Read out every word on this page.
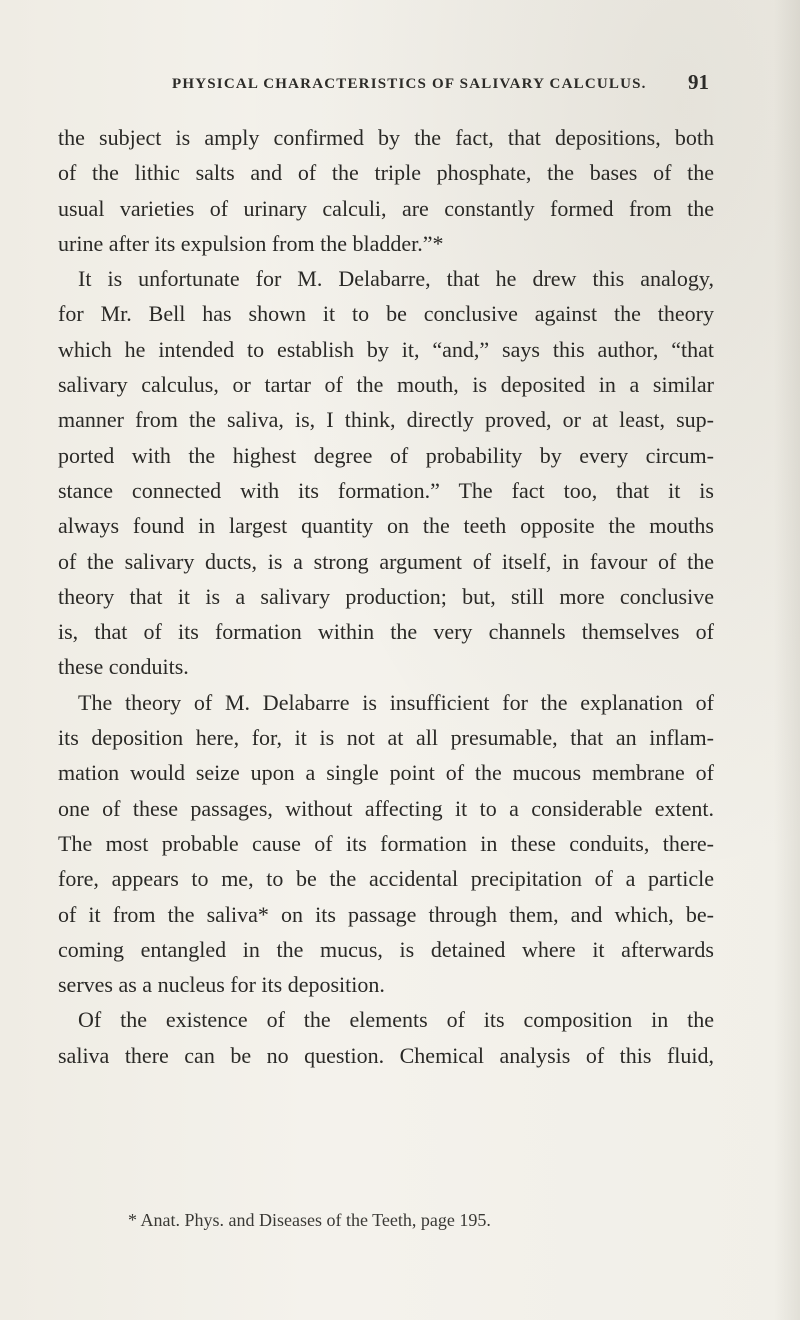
PHYSICAL CHARACTERISTICS OF SALIVARY CALCULUS. 91
the subject is amply confirmed by the fact, that depositions, both
of the lithic salts and of the triple phosphate, the bases of the
usual varieties of urinary calculi, are constantly formed from the
urine after its expulsion from the bladder.”*
It is unfortunate for M. Delabarre, that he drew this analogy,
for Mr. Bell has shown it to be conclusive against the theory
which he intended to establish by it, “and,” says this author, “that
salivary calculus, or tartar of the mouth, is deposited in a similar
manner from the saliva, is, I think, directly proved, or at least, sup-
ported with the highest degree of probability by every circum-
stance connected with its formation.” The fact too, that it is
always found in largest quantity on the teeth opposite the mouths
of the salivary ducts, is a strong argument of itself, in favour of the
theory that it is a salivary production; but, still more conclusive
is, that of its formation within the very channels themselves of
these conduits.
The theory of M. Delabarre is insufficient for the explanation of
its deposition here, for, it is not at all presumable, that an inflam-
mation would seize upon a single point of the mucous membrane of
one of these passages, without affecting it to a considerable extent.
The most probable cause of its formation in these conduits, there-
fore, appears to me, to be the accidental precipitation of a particle
of it from the saliva* on its passage through them, and which, be-
coming entangled in the mucus, is detained where it afterwards
serves as a nucleus for its deposition.
Of the existence of the elements of its composition in the
saliva there can be no question. Chemical analysis of this fluid,
* Anat. Phys. and Diseases of the Teeth, page 195.
